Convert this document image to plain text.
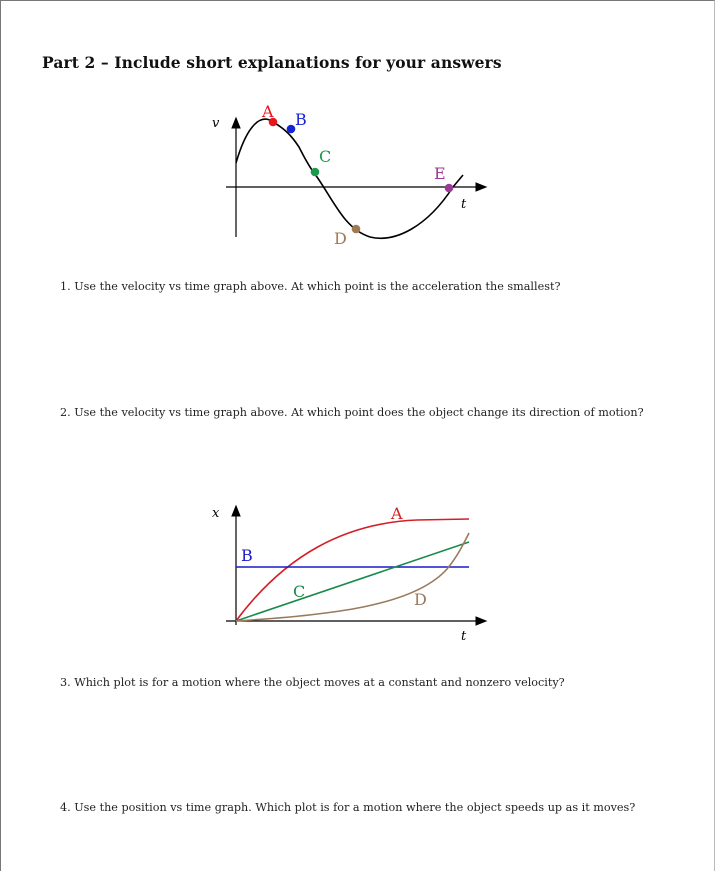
Part 2 – Include short explanations for your answers
v
t
A B
C
D
E
1. Use the velocity vs time graph above. At which point is the acceleration the smallest?
2. Use the velocity vs time graph above. At which point does the object change its direction of motion?
x
t
A
B
C	D
3. Which plot is for a motion where the object moves at a constant and nonzero velocity?
4. Use the position vs time graph. Which plot is for a motion where the object speeds up as it moves?
